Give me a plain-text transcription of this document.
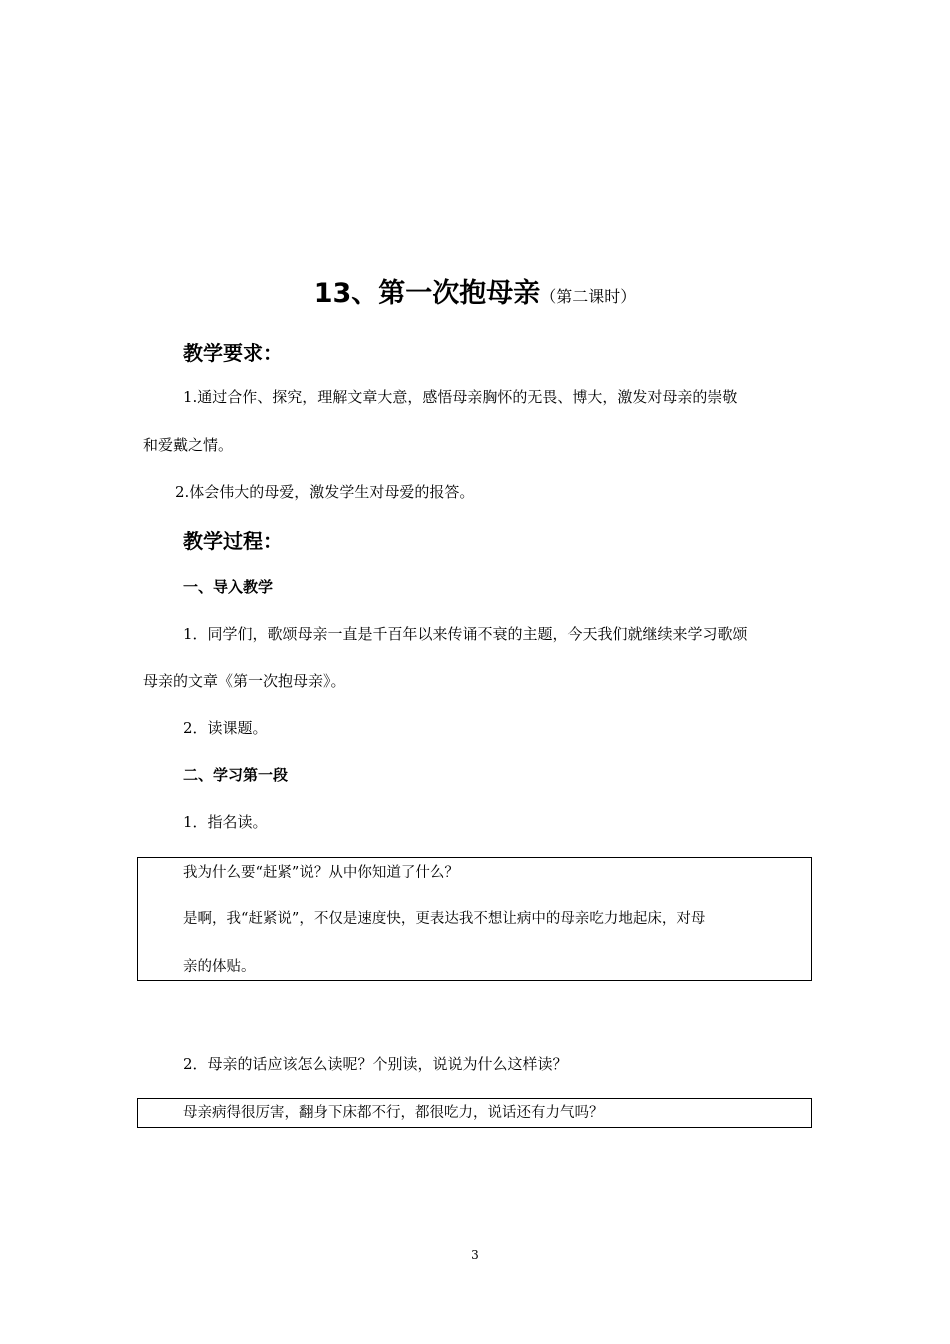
13、第一次抱母亲（第二课时）
教学要求：
1.通过合作、探究，理解文章大意，感悟母亲胸怀的无畏、博大，激发对母亲的崇敬
和爱戴之情。
2.体会伟大的母爱，激发学生对母爱的报答。
教学过程：
一、导入教学
1．同学们，歌颂母亲一直是千百年以来传诵不衰的主题，今天我们就继续来学习歌颂
母亲的文章《第一次抱母亲》。
2．读课题。
二、学习第一段
1．指名读。
我为什么要“赶紧”说？从中你知道了什么？
是啊，我“赶紧说”，不仅是速度快，更表达我不想让病中的母亲吃力地起床，对母
亲的体贴。
2．母亲的话应该怎么读呢？个别读，说说为什么这样读？
母亲病得很厉害，翻身下床都不行，都很吃力，说话还有力气吗？
3
